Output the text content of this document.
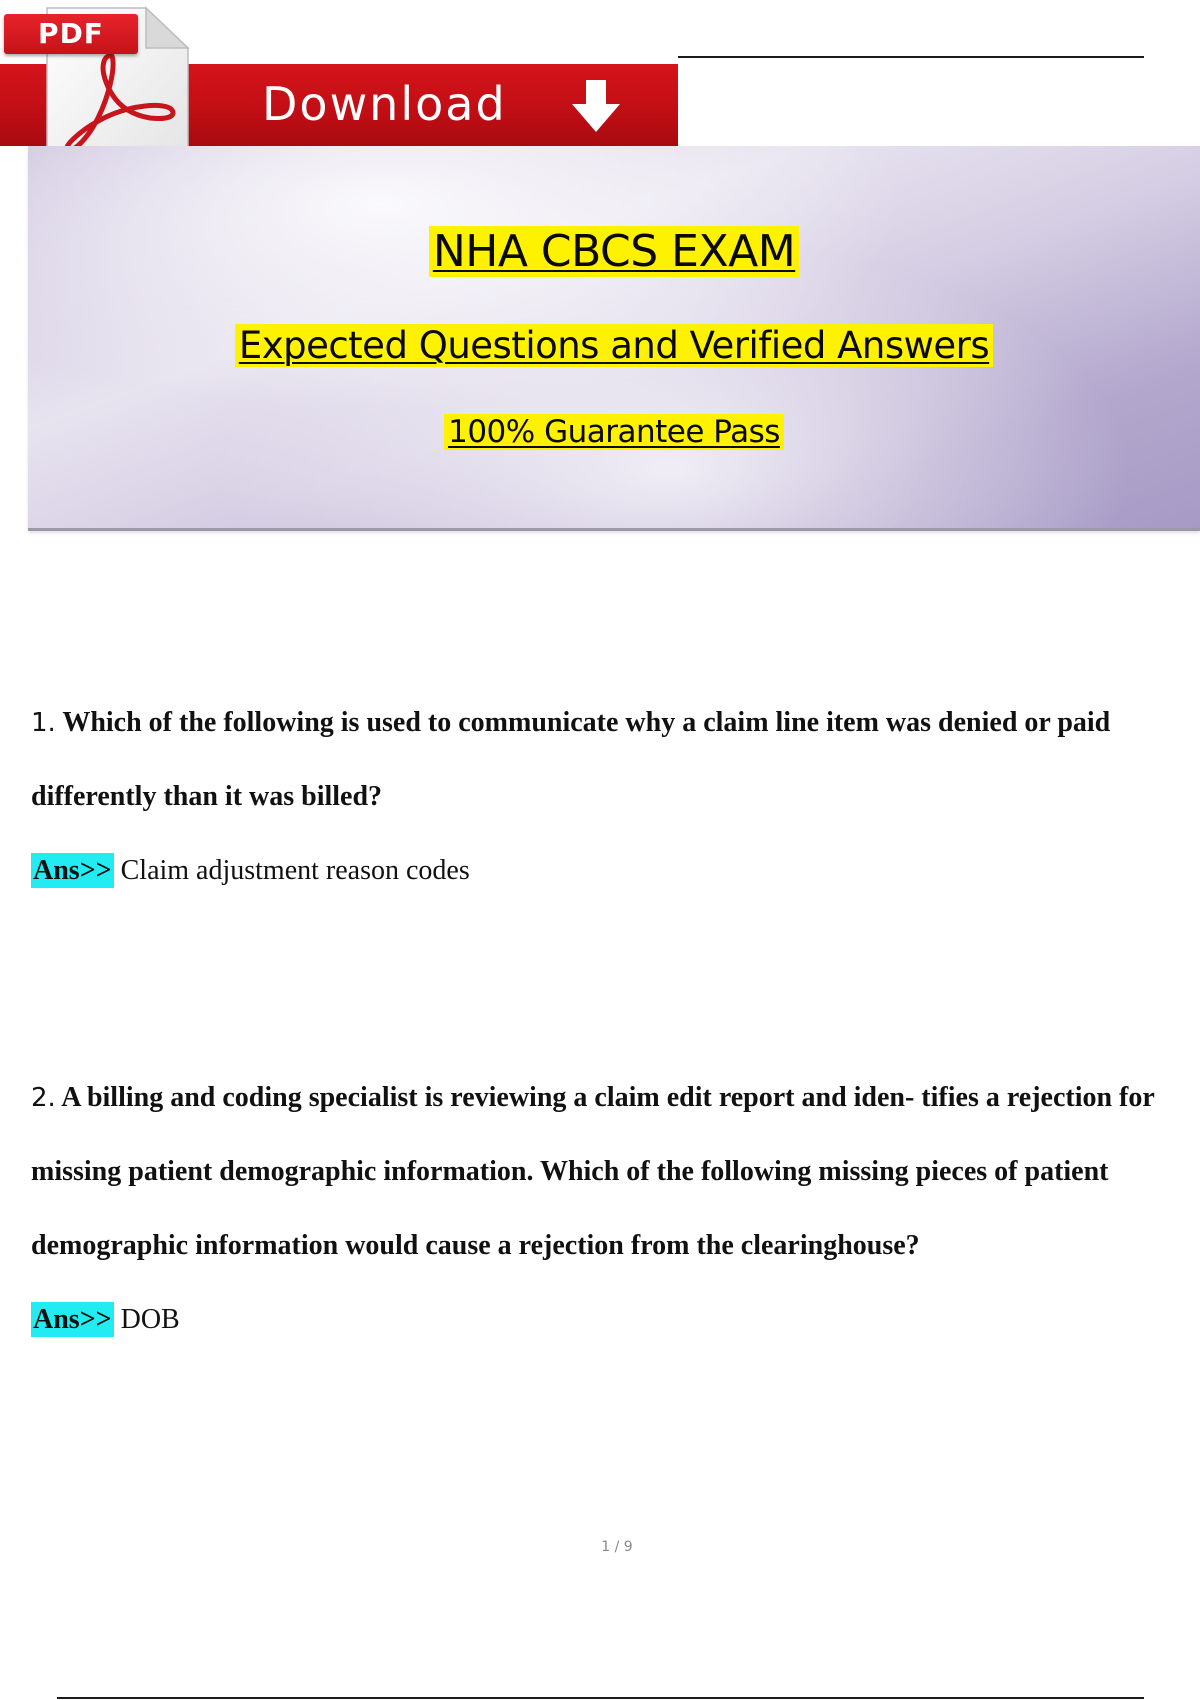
Download
PDF
NHA CBCS EXAM
Expected Questions and Verified Answers
100% Guarantee Pass

1. Which of the following is used to communicate why a claim line item was denied or paid differently than it was billed?

Ans>> Claim adjustment reason codes

2. A billing and coding specialist is reviewing a claim edit report and iden- tifies a rejection for missing patient demographic information. Which of the following missing pieces of patient demographic information would cause a rejection from the clearinghouse?

Ans>> DOB

1 / 9
